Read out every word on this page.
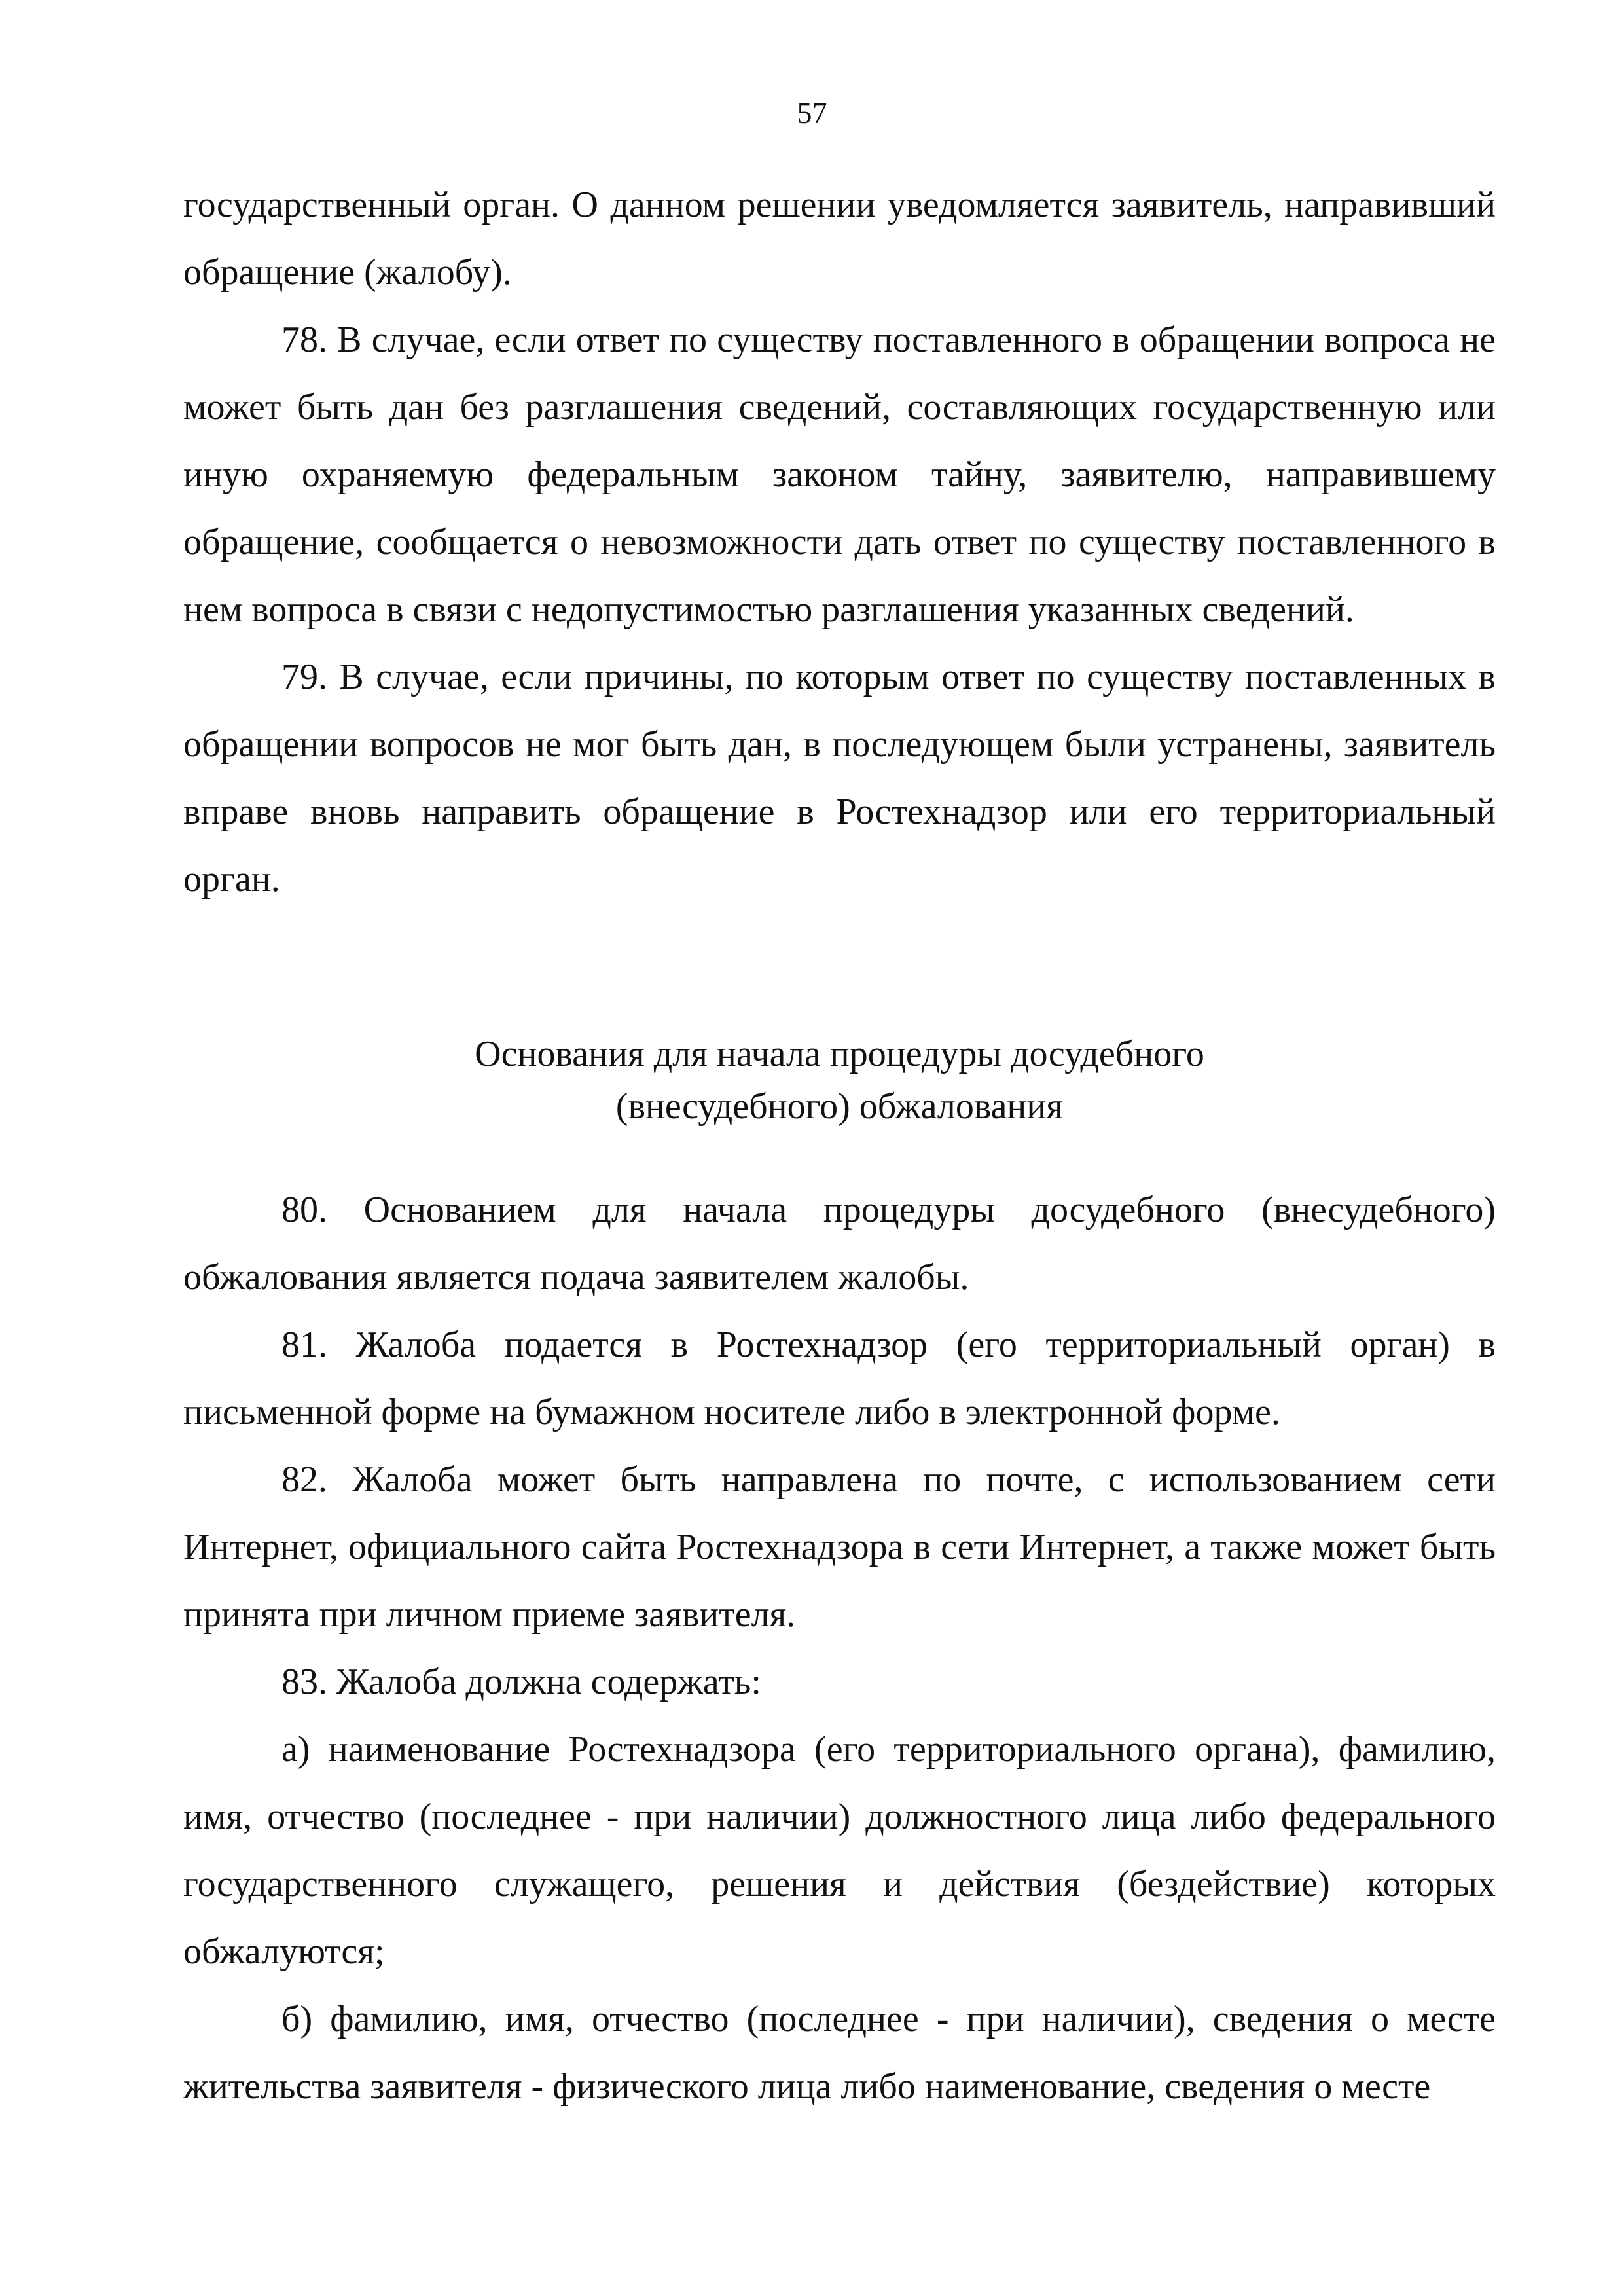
57

государственный орган. О данном решении уведомляется заявитель, направивший обращение (жалобу).

78. В случае, если ответ по существу поставленного в обращении вопроса не может быть дан без разглашения сведений, составляющих государственную или иную охраняемую федеральным законом тайну, заявителю, направившему обращение, сообщается о невозможности дать ответ по существу поставленного в нем вопроса в связи с недопустимостью разглашения указанных сведений.

79. В случае, если причины, по которым ответ по существу поставленных в обращении вопросов не мог быть дан, в последующем были устранены, заявитель вправе вновь направить обращение в Ростехнадзор или его территориальный орган.

Основания для начала процедуры досудебного
(внесудебного) обжалования

80. Основанием для начала процедуры досудебного (внесудебного) обжалования является подача заявителем жалобы.

81. Жалоба подается в Ростехнадзор (его территориальный орган) в письменной форме на бумажном носителе либо в электронной форме.

82. Жалоба может быть направлена по почте, с использованием сети Интернет, официального сайта Ростехнадзора в сети Интернет, а также может быть принята при личном приеме заявителя.

83. Жалоба должна содержать:

а) наименование Ростехнадзора (его территориального органа), фамилию, имя, отчество (последнее - при наличии) должностного лица либо федерального государственного служащего, решения и действия (бездействие) которых обжалуются;

б) фамилию, имя, отчество (последнее - при наличии), сведения о месте жительства заявителя - физического лица либо наименование, сведения о месте
